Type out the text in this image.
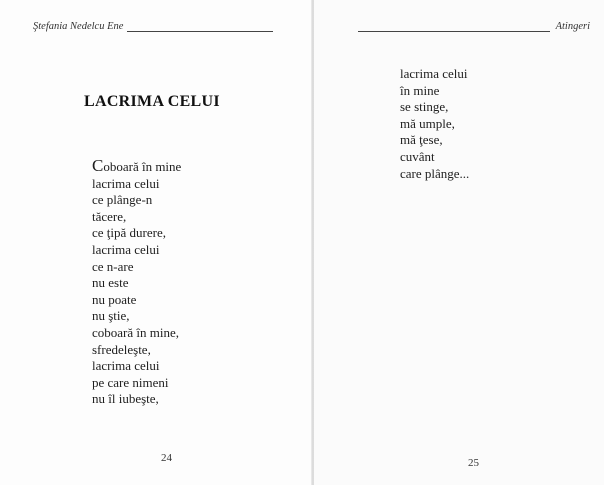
Ştefania Nedelcu Ene
LACRIMA CELUI
Coboară în mine
lacrima celui
ce plânge-n
tăcere,
ce ţipă durere,
lacrima celui
ce n-are
nu este
nu poate
nu ştie,
coboară în mine,
sfredeleşte,
lacrima celui
pe care nimeni
nu îl iubeşte,
24
Atingeri
lacrima celui
în mine
se stinge,
mă umple,
mă ţese,
cuvânt
care plânge...
25
